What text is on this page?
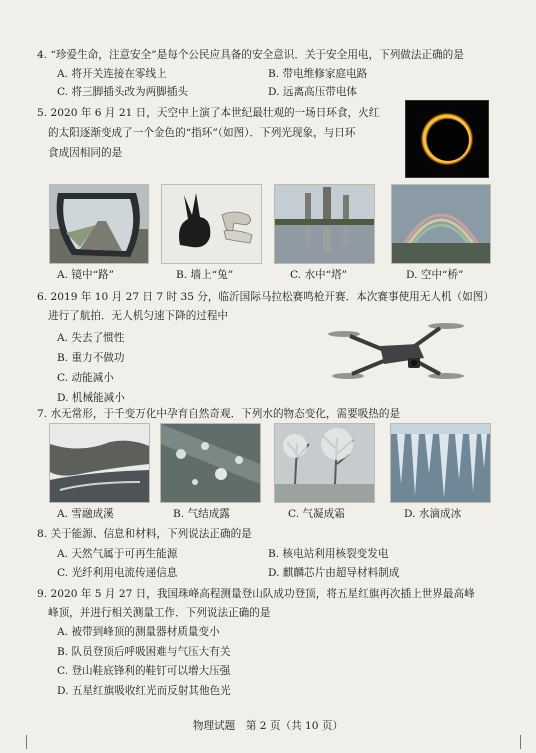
4. “珍爱生命，注意安全”是每个公民应具备的安全意识．关于安全用电，下列做法正确的是
A. 将开关连接在零线上	B. 带电维修家庭电路
C. 将三脚插头改为两脚插头	D. 远离高压带电体
5. 2020 年 6 月 21 日，天空中上演了本世纪最壮观的一场日环食，火红
的太阳逐渐变成了一个金色的“指环”（如图）．下列光现象，与日环
食成因相同的是
A. 镜中“路”	B. 墙上“兔”	C. 水中“塔”	D. 空中“桥”
6. 2019 年 10 月 27 日 7 时 35 分，临沂国际马拉松赛鸣枪开赛．本次赛事使用无人机（如图）
进行了航拍．无人机匀速下降的过程中
A. 失去了惯性
B. 重力不做功
C. 动能减小
D. 机械能减小
7. 水无常形，于千变万化中孕育自然奇观．下列水的物态变化，需要吸热的是
A. 雪融成溪	B. 气结成露	C. 气凝成霜	D. 水滴成冰
8. 关于能源、信息和材料，下列说法正确的是
A. 天然气属于可再生能源	B. 核电站利用核裂变发电
C. 光纤利用电流传递信息	D. 麒麟芯片由超导材料制成
9. 2020 年 5 月 27 日，我国珠峰高程测量登山队成功登顶，将五星红旗再次插上世界最高峰
峰顶，并进行相关测量工作．下列说法正确的是
A. 被带到峰顶的测量器材质量变小
B. 队员登顶后呼吸困难与气压大有关
C. 登山鞋底锋利的鞋钉可以增大压强
D. 五星红旗吸收红光而反射其他色光
物理试题　第 2 页（共 10 页）
